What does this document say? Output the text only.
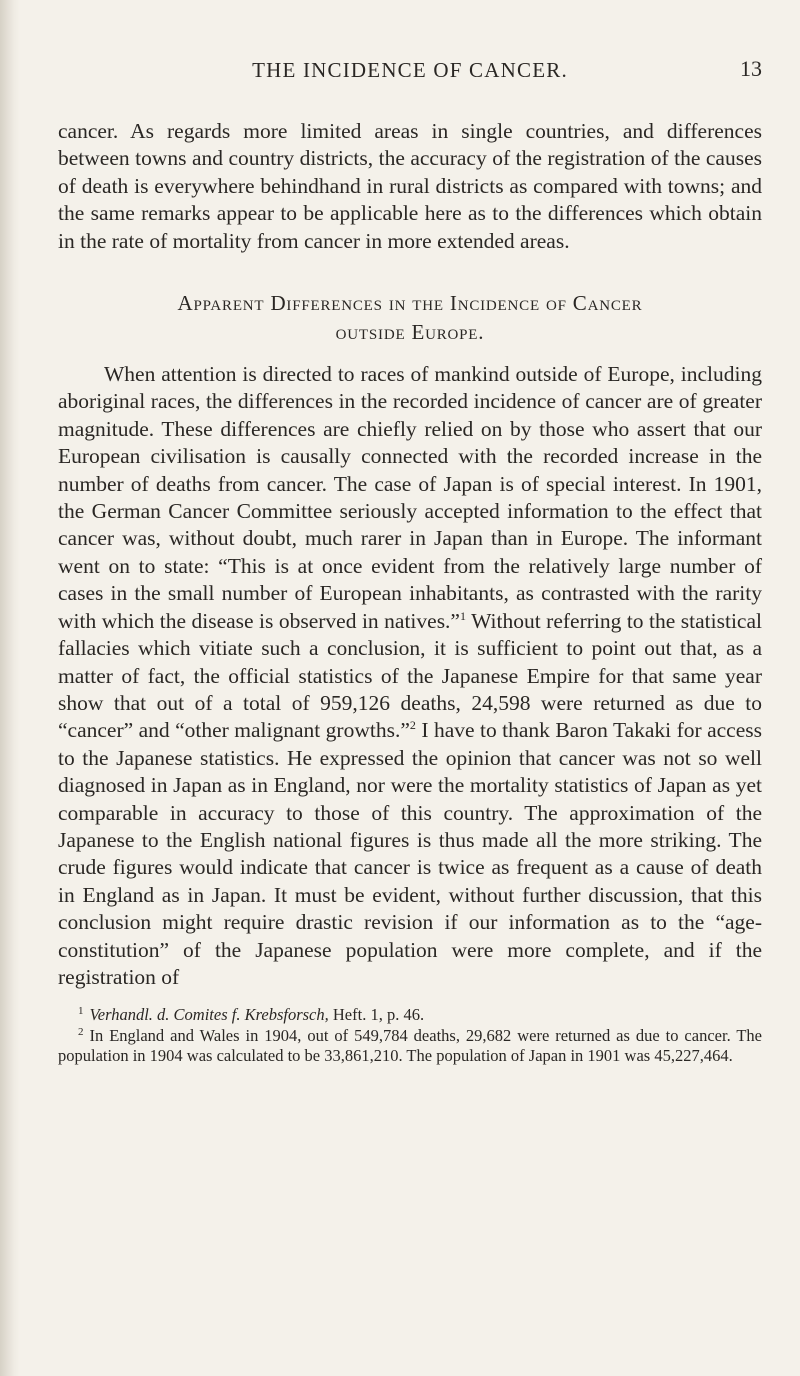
THE INCIDENCE OF CANCER.	13

cancer. As regards more limited areas in single countries, and differences between towns and country districts, the accuracy of the registration of the causes of death is everywhere behindhand in rural districts as compared with towns; and the same remarks appear to be applicable here as to the differences which obtain in the rate of mortality from cancer in more extended areas.

Apparent Differences in the Incidence of Cancer
outside Europe.

When attention is directed to races of mankind outside of Europe, including aboriginal races, the differences in the recorded incidence of cancer are of greater magnitude. These differences are chiefly relied on by those who assert that our European civilisation is causally connected with the recorded increase in the number of deaths from cancer. The case of Japan is of special interest. In 1901, the German Cancer Committee seriously accepted information to the effect that cancer was, without doubt, much rarer in Japan than in Europe. The informant went on to state: “This is at once evident from the relatively large number of cases in the small number of European inhabitants, as contrasted with the rarity with which the disease is observed in natives.”$^1$ Without referring to the statistical fallacies which vitiate such a conclusion, it is sufficient to point out that, as a matter of fact, the official statistics of the Japanese Empire for that same year show that out of a total of 959,126 deaths, 24,598 were returned as due to “cancer” and “other malignant growths.”$^2$ I have to thank Baron Takaki for access to the Japanese statistics. He expressed the opinion that cancer was not so well diagnosed in Japan as in England, nor were the mortality statistics of Japan as yet comparable in accuracy to those of this country. The approximation of the Japanese to the English national figures is thus made all the more striking. The crude figures would indicate that cancer is twice as frequent as a cause of death in England as in Japan. It must be evident, without further discussion, that this conclusion might require drastic revision if our information as to the “age-constitution” of the Japanese population were more complete, and if the registration of

$^1$ Verhandl. d. Comites f. Krebsforsch, Heft. 1, p. 46.

$^2$ In England and Wales in 1904, out of 549,784 deaths, 29,682 were returned as due to cancer. The population in 1904 was calculated to be 33,861,210. The population of Japan in 1901 was 45,227,464.
